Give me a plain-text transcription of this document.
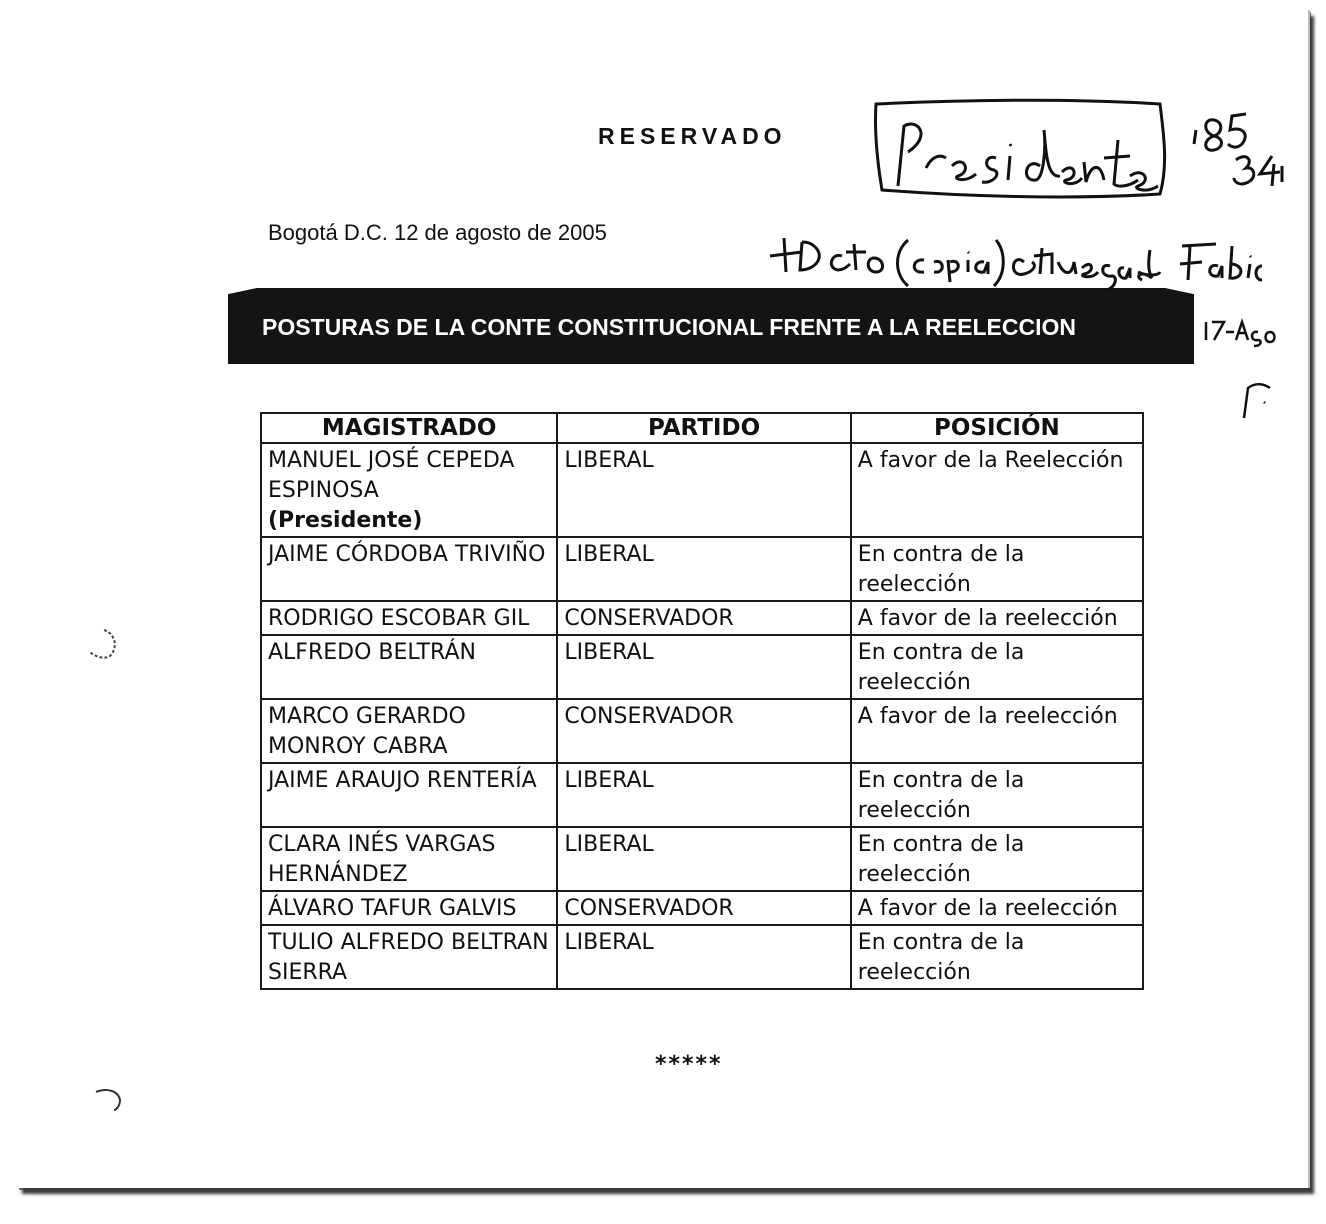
RESERVADO
Bogotá D.C. 12 de agosto de 2005
POSTURAS DE LA CONTE CONSTITUCIONAL FRENTE A LA REELECCION
MAGISTRADO	PARTIDO	POSICIÓN

MANUEL JOSÉ CEPEDA ESPINOSA
(Presidente)	LIBERAL	A favor de la Reelección

JAIME CÓRDOBA TRIVIÑO	LIBERAL	En contra de la reelección

RODRIGO ESCOBAR GIL	CONSERVADOR	A favor de la reelección

ALFREDO BELTRÁN	LIBERAL	En contra de la reelección

MARCO GERARDO MONROY CABRA	CONSERVADOR	A favor de la reelección

JAIME ARAUJO RENTERÍA	LIBERAL	En contra de la reelección

CLARA INÉS VARGAS HERNÁNDEZ	LIBERAL	En contra de la reelección

ÁLVARO TAFUR GALVIS	CONSERVADOR	A favor de la reelección

TULIO ALFREDO BELTRAN SIERRA	LIBERAL	En contra de la reelección
*****
